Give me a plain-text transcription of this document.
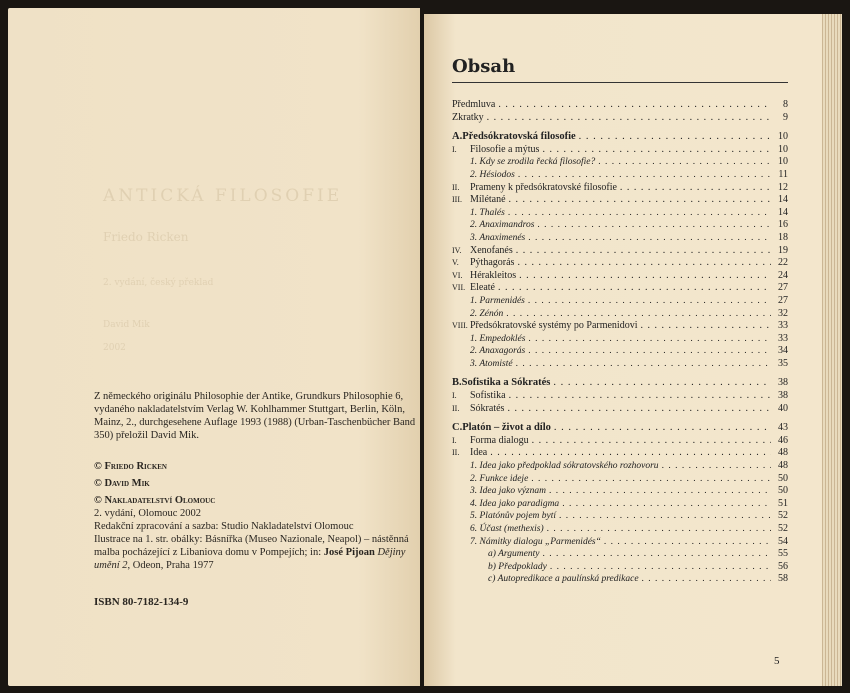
ANTICKÁ FILOSOFIE
Friedo Ricken
2. vydání, český překlad
David Mik
2002

Z německého originálu Philosophie der Antike, Grundkurs Philosophie 6, vydaného nakladatelstvím Verlag W. Kohlhammer Stuttgart, Berlin, Köln, Mainz, 2., durchgesehene Auflage 1993 (1988) (Urban-Taschenbücher Band 350) přeložil David Mik.

© Friedo Ricken

© David Mik

© Nakladatelství Olomouc

2. vydání, Olomouc 2002

Redakční zpracování a sazba: Studio Nakladatelství Olomouc

Ilustrace na 1. str. obálky: Básnířka (Museo Nazionale, Neapol) – nástěnná malba pocházející z Libaniova domu v Pompejích; in: José Pijoan Dějiny umění 2, Odeon, Praha 1977

ISBN 80-7182-134-9

Obsah
Předmluva . . .	8
Zkratky . . .	9
A. Předsókratovská filosofie . . .	10
I.	Filosofie a mýtus . . .	10
1. Kdy se zrodila řecká filosofie? . . .	10
2. Hésiodos . . .	11
II.	Prameny k předsókratovské filosofie . . .	12
III. Mílétané . . .	14
1. Thalés . . .	14
2. Anaximandros . . .	16
3. Anaximenés . . .	18
IV. Xenofanés . . .	19
V.	Pýthagorás . . .	22
VI. Hérakleitos . . .	24
VII. Eleaté . . .	27
1. Parmenidés . . .	27
2. Zénón . . .	32
VIII. Předsókratovské systémy po Parmenidovi . . .	33
1. Empedoklés . . .	33
2. Anaxagorás . . .	34
3. Atomisté . . .	35
B. Sofistika a Sókratés . . .	38
I.	Sofistika . . .	38
II.	Sókratés . . .	40
C. Platón – život a dílo . . .	43
I.	Forma dialogu . . .	46
II.	Idea . . .	48
1. Idea jako předpoklad sókratovského rozhovoru . . .	48
2. Funkce ideje . . .	50
3. Idea jako význam . . .	50
4. Idea jako paradigma . . .	51
5. Platónův pojem bytí . . .	52
6. Účast (methexis) . . .	52
7. Námitky dialogu „Parmenidés“ . . .	54
a) Argumenty . . .	55
b) Předpoklady . . .	56
c) Autopredikace a paulínská predikace . . .	58
5
